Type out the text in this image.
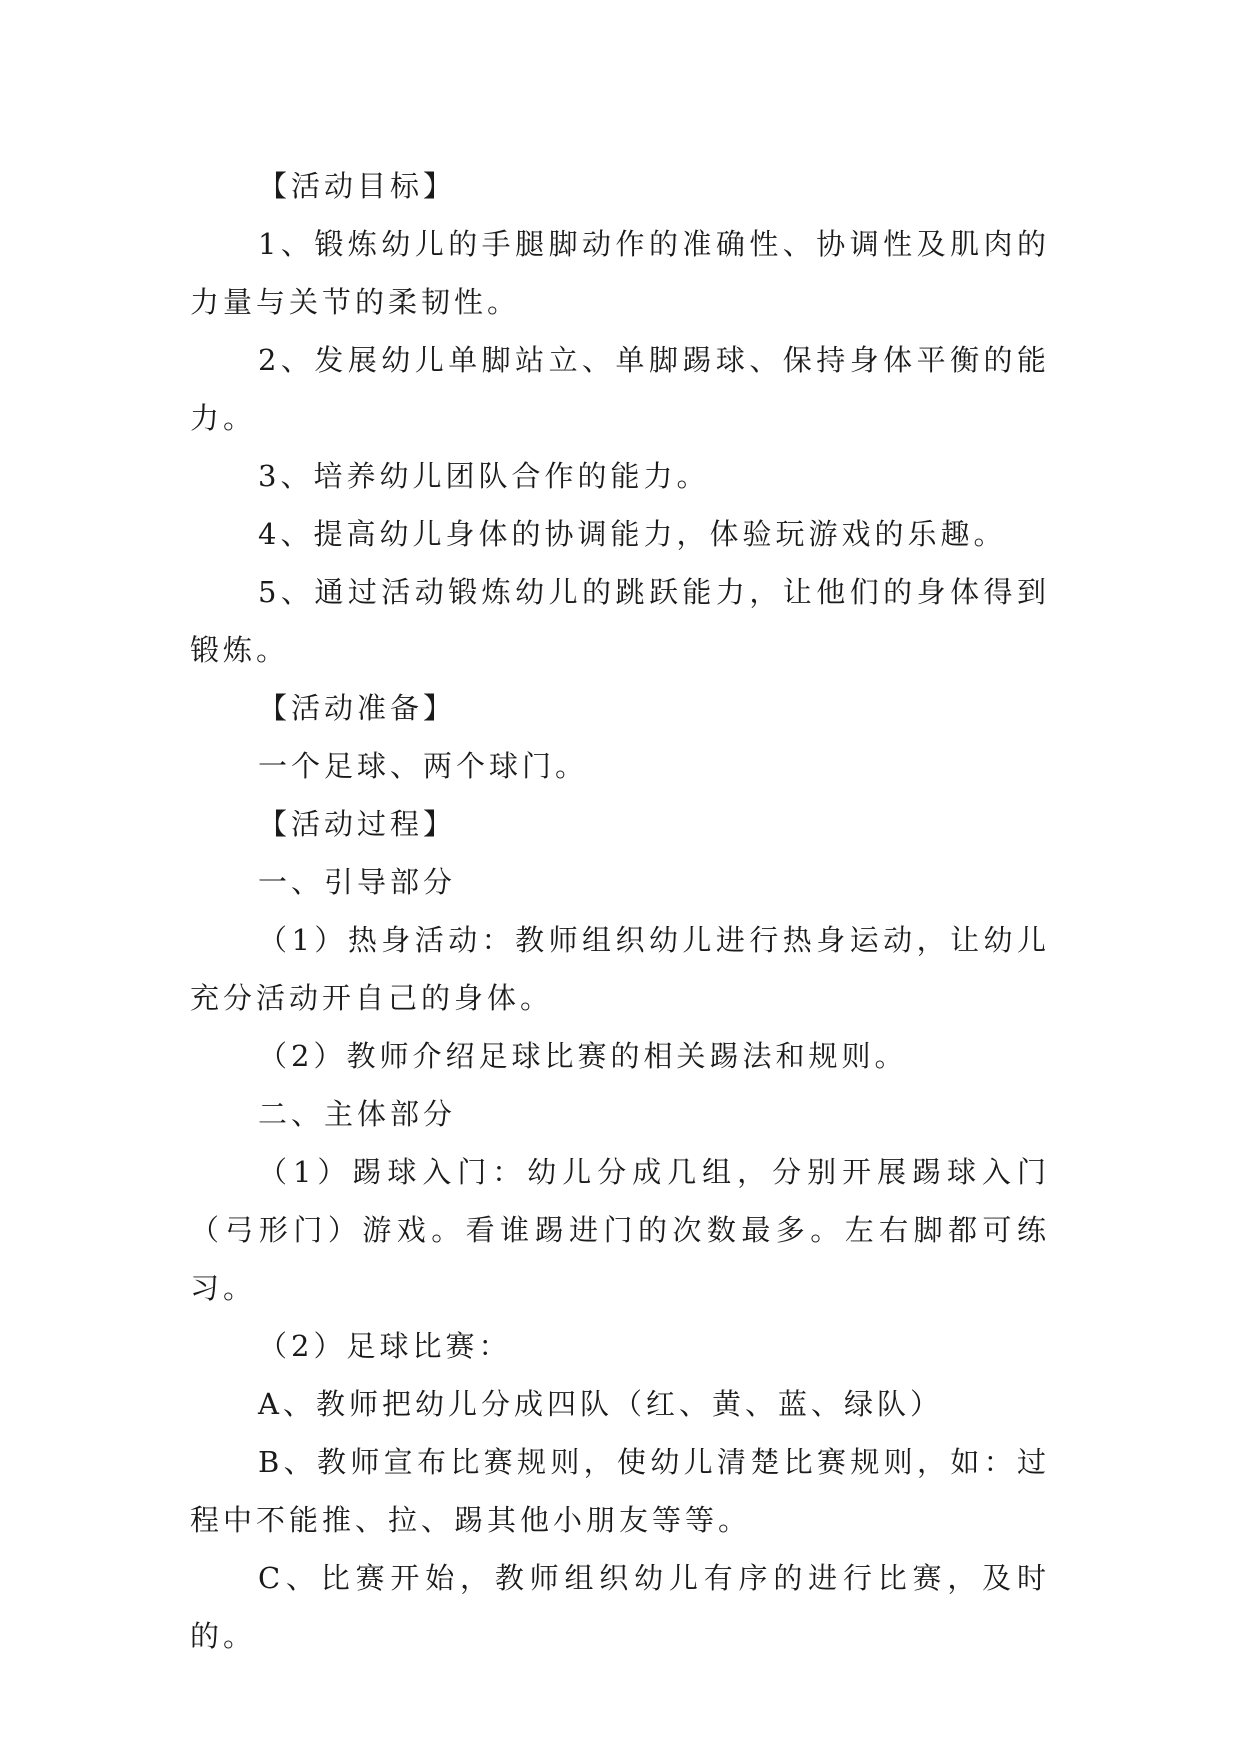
【活动目标】

1、锻炼幼儿的手腿脚动作的准确性、协调性及肌肉的力量与关节的柔韧性。

2、发展幼儿单脚站立、单脚踢球、保持身体平衡的能力。

3、培养幼儿团队合作的能力。

4、提高幼儿身体的协调能力，体验玩游戏的乐趣。

5、通过活动锻炼幼儿的跳跃能力，让他们的身体得到锻炼。

【活动准备】

一个足球、两个球门。

【活动过程】

一、引导部分

（1）热身活动：教师组织幼儿进行热身运动，让幼儿充分活动开自己的身体。

（2）教师介绍足球比赛的相关踢法和规则。

二、主体部分

（1）踢球入门：幼儿分成几组，分别开展踢球入门（弓形门）游戏。看谁踢进门的次数最多。左右脚都可练习。

（2）足球比赛：

A、教师把幼儿分成四队（红、黄、蓝、绿队）

B、教师宣布比赛规则，使幼儿清楚比赛规则，如：过程中不能推、拉、踢其他小朋友等等。

C、比赛开始，教师组织幼儿有序的进行比赛，及时的。
